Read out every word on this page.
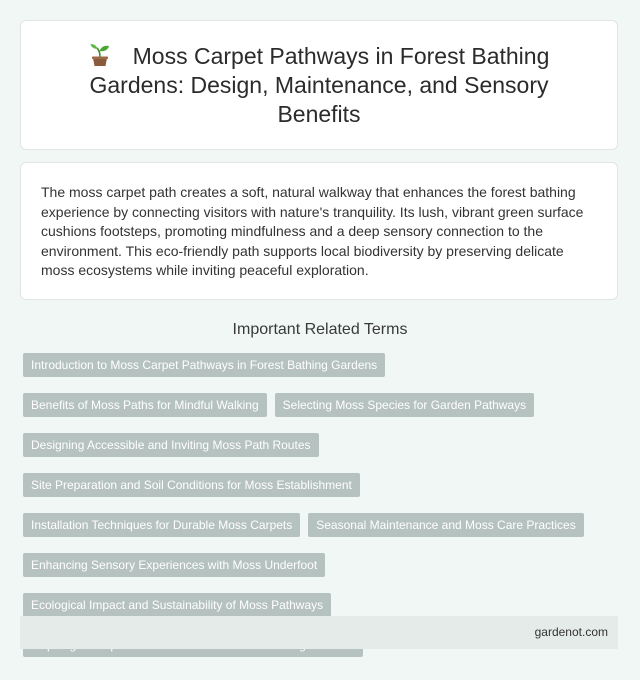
Moss Carpet Pathways in Forest Bathing Gardens: Design, Maintenance, and Sensory Benefits

The moss carpet path creates a soft, natural walkway that enhances the forest bathing experience by connecting visitors with nature's tranquility. Its lush, vibrant green surface cushions footsteps, promoting mindfulness and a deep sensory connection to the environment. This eco-friendly path supports local biodiversity by preserving delicate moss ecosystems while inviting peaceful exploration.

Important Related Terms
Introduction to Moss Carpet Pathways in Forest Bathing Gardens
Benefits of Moss Paths for Mindful Walking	Selecting Moss Species for Garden Pathways
Designing Accessible and Inviting Moss Path Routes
Site Preparation and Soil Conditions for Moss Establishment
Installation Techniques for Durable Moss Carpets	Seasonal Maintenance and Moss Care Practices
Enhancing Sensory Experiences with Moss Underfoot
Ecological Impact and Sustainability of Moss Pathways
gardenot.com
